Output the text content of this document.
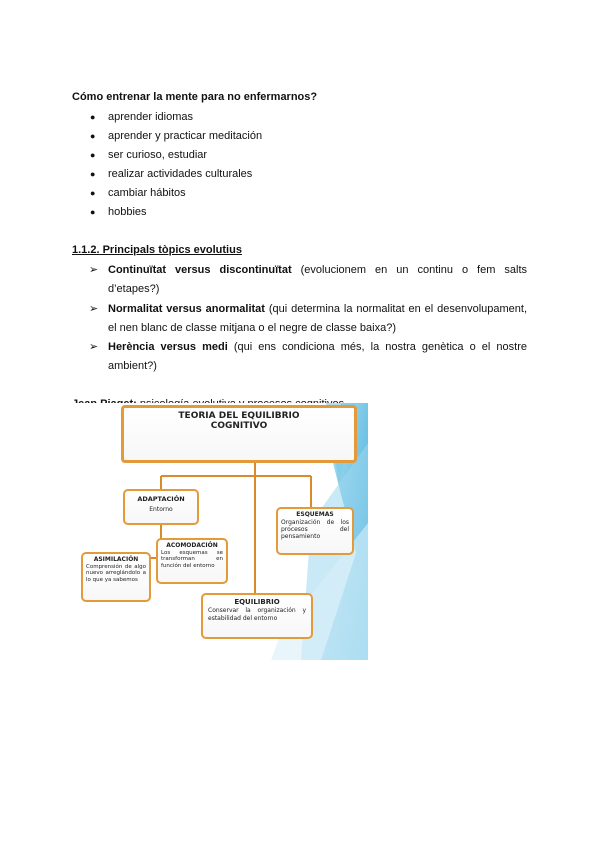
Cómo entrenar la mente para no enfermarnos?
● aprender idiomas
● aprender y practicar meditación
● ser curioso, estudiar
● realizar actividades culturales
● cambiar hábitos
● hobbies
1.1.2. Principals tòpics evolutius
➢ Continuïtat versus discontinuïtat (evolucionem en un continu o fem salts
d’etapes?)
➢ Normalitat versus anormalitat (qui determina la normalitat en el desenvolupament,
el nen blanc de classe mitjana o el negre de classe baixa?)
➢ Herència versus medi (qui ens condiciona més, la nostra genètica o el nostre
ambient?)
TEORIA DEL EQUILIBRIO
COGNITIVO
ADAPTACIÓN
Entorno
ACOMODACIÓN
Los esquemas se transforman en función del entorno
ASIMILACIÓN
Comprensión de algo nuevo arreglándolo a lo que ya sabemos
ESQUEMAS
Organización de los procesos del pensamiento
EQUILIBRIO
Conservar la organización y estabilidad del entorno
